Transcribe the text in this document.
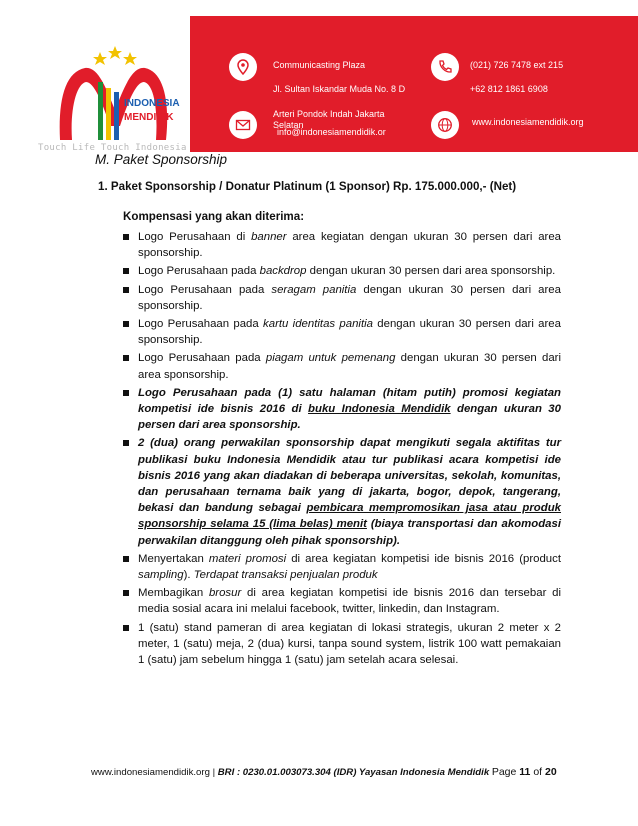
INDONESIA
MENDIDIK
Touch Life Touch Indonesia
Communicasting Plaza
Jl. Sultan Iskandar Muda No. 8 D
Arteri Pondok Indah Jakarta
Selatan
info@indonesiamendidik.or
(021) 726 7478 ext 215
+62 812 1861 6908
www.indonesiamendidik.org
M. Paket Sponsorship
1. Paket Sponsorship / Donatur Platinum (1 Sponsor) Rp. 175.000.000,- (Net)
Kompensasi yang akan diterima:
Logo Perusahaan di banner area kegiatan dengan ukuran 30 persen dari area sponsorship.
Logo Perusahaan pada backdrop dengan ukuran 30 persen dari area sponsorship.
Logo Perusahaan pada seragam panitia dengan ukuran 30 persen dari area sponsorship.
Logo Perusahaan pada kartu identitas panitia dengan ukuran 30 persen dari area sponsorship.
Logo Perusahaan pada piagam untuk pemenang dengan ukuran 30 persen dari area sponsorship.
Logo Perusahaan pada (1) satu halaman (hitam putih) promosi kegiatan kompetisi ide bisnis 2016 di buku Indonesia Mendidik dengan ukuran 30 persen dari area sponsorship.
2 (dua) orang perwakilan sponsorship dapat mengikuti segala aktifitas tur publikasi buku Indonesia Mendidik atau tur publikasi acara kompetisi ide bisnis 2016 yang akan diadakan di beberapa universitas, sekolah, komunitas, dan perusahaan ternama baik yang di jakarta, bogor, depok, tangerang, bekasi dan bandung sebagai pembicara mempromosikan jasa atau produk sponsorship selama 15 (lima belas) menit (biaya transportasi dan akomodasi perwakilan ditanggung oleh pihak sponsorship).
Menyertakan materi promosi di area kegiatan kompetisi ide bisnis 2016 (product sampling). Terdapat transaksi penjualan produk
Membagikan brosur di area kegiatan kompetisi ide bisnis 2016 dan tersebar di media sosial acara ini melalui facebook, twitter, linkedin, dan Instagram.
1 (satu) stand pameran di area kegiatan di lokasi strategis, ukuran 2 meter x 2 meter, 1 (satu) meja, 2 (dua) kursi, tanpa sound system, listrik 100 watt pemakaian 1 (satu) jam sebelum hingga 1 (satu) jam setelah acara selesai.
www.indonesiamendidik.org | BRI : 0230.01.003073.304 (IDR) Yayasan Indonesia Mendidik Page 11 of 20
